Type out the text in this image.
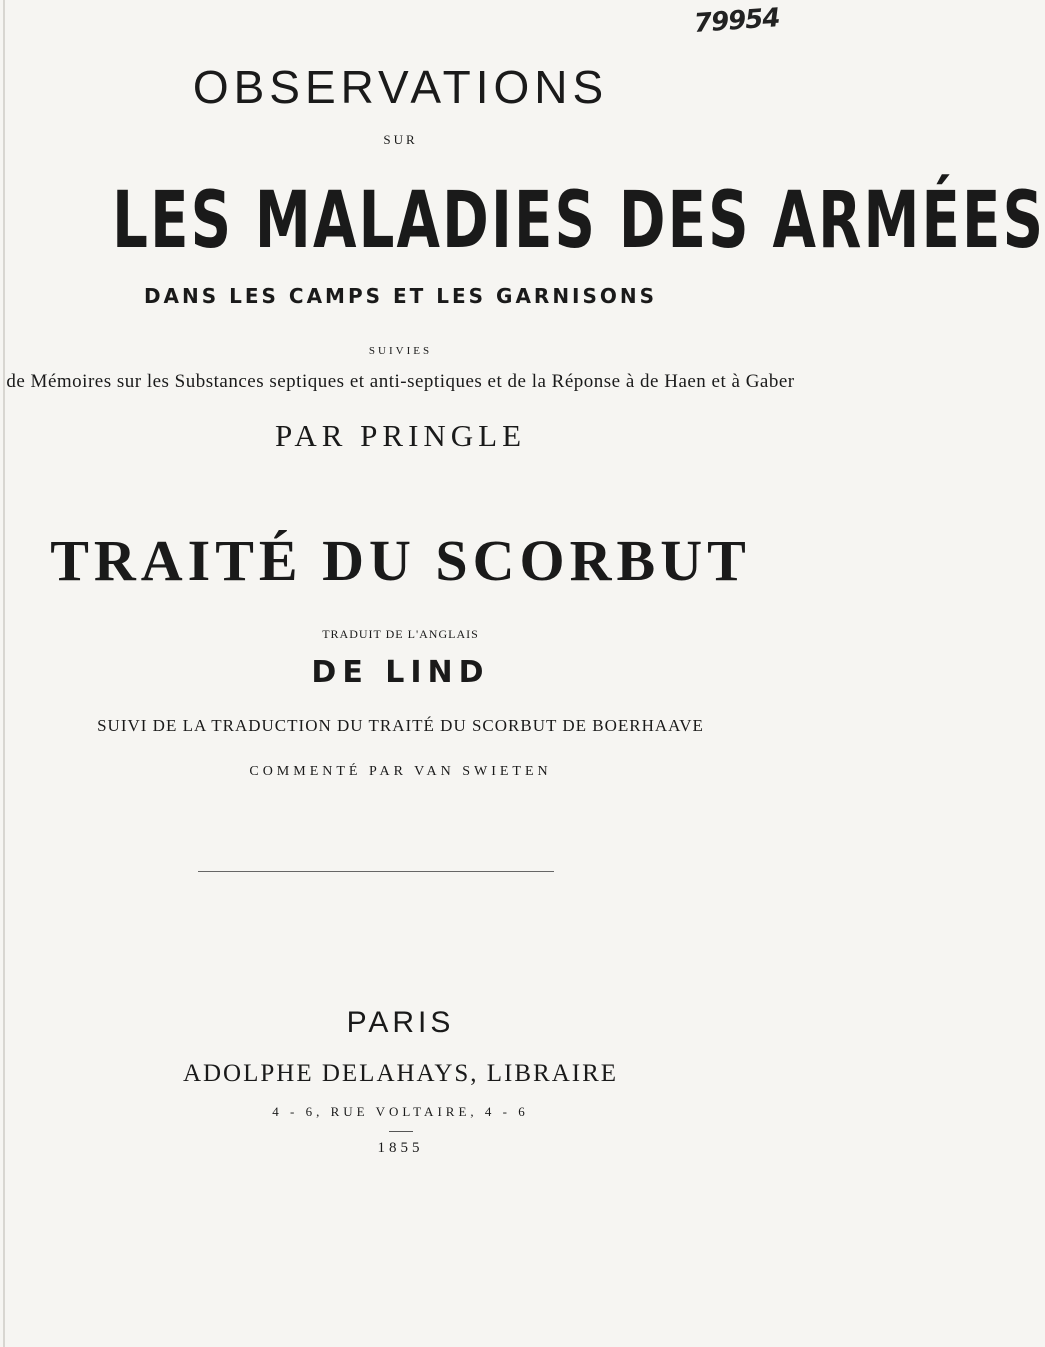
79954
OBSERVATIONS
SUR
LES MALADIES DES ARMÉES
DANS LES CAMPS ET LES GARNISONS
SUIVIES
de Mémoires sur les Substances septiques et anti-septiques et de la Réponse à de Haen et à Gaber
PAR PRINGLE
TRAITÉ DU SCORBUT
TRADUIT DE L'ANGLAIS
DE LIND
SUIVI DE LA TRADUCTION DU TRAITÉ DU SCORBUT DE BOERHAAVE
COMMENTÉ PAR VAN SWIETEN
PARIS
ADOLPHE DELAHAYS, LIBRAIRE
4 - 6, RUE VOLTAIRE, 4 - 6
1855
